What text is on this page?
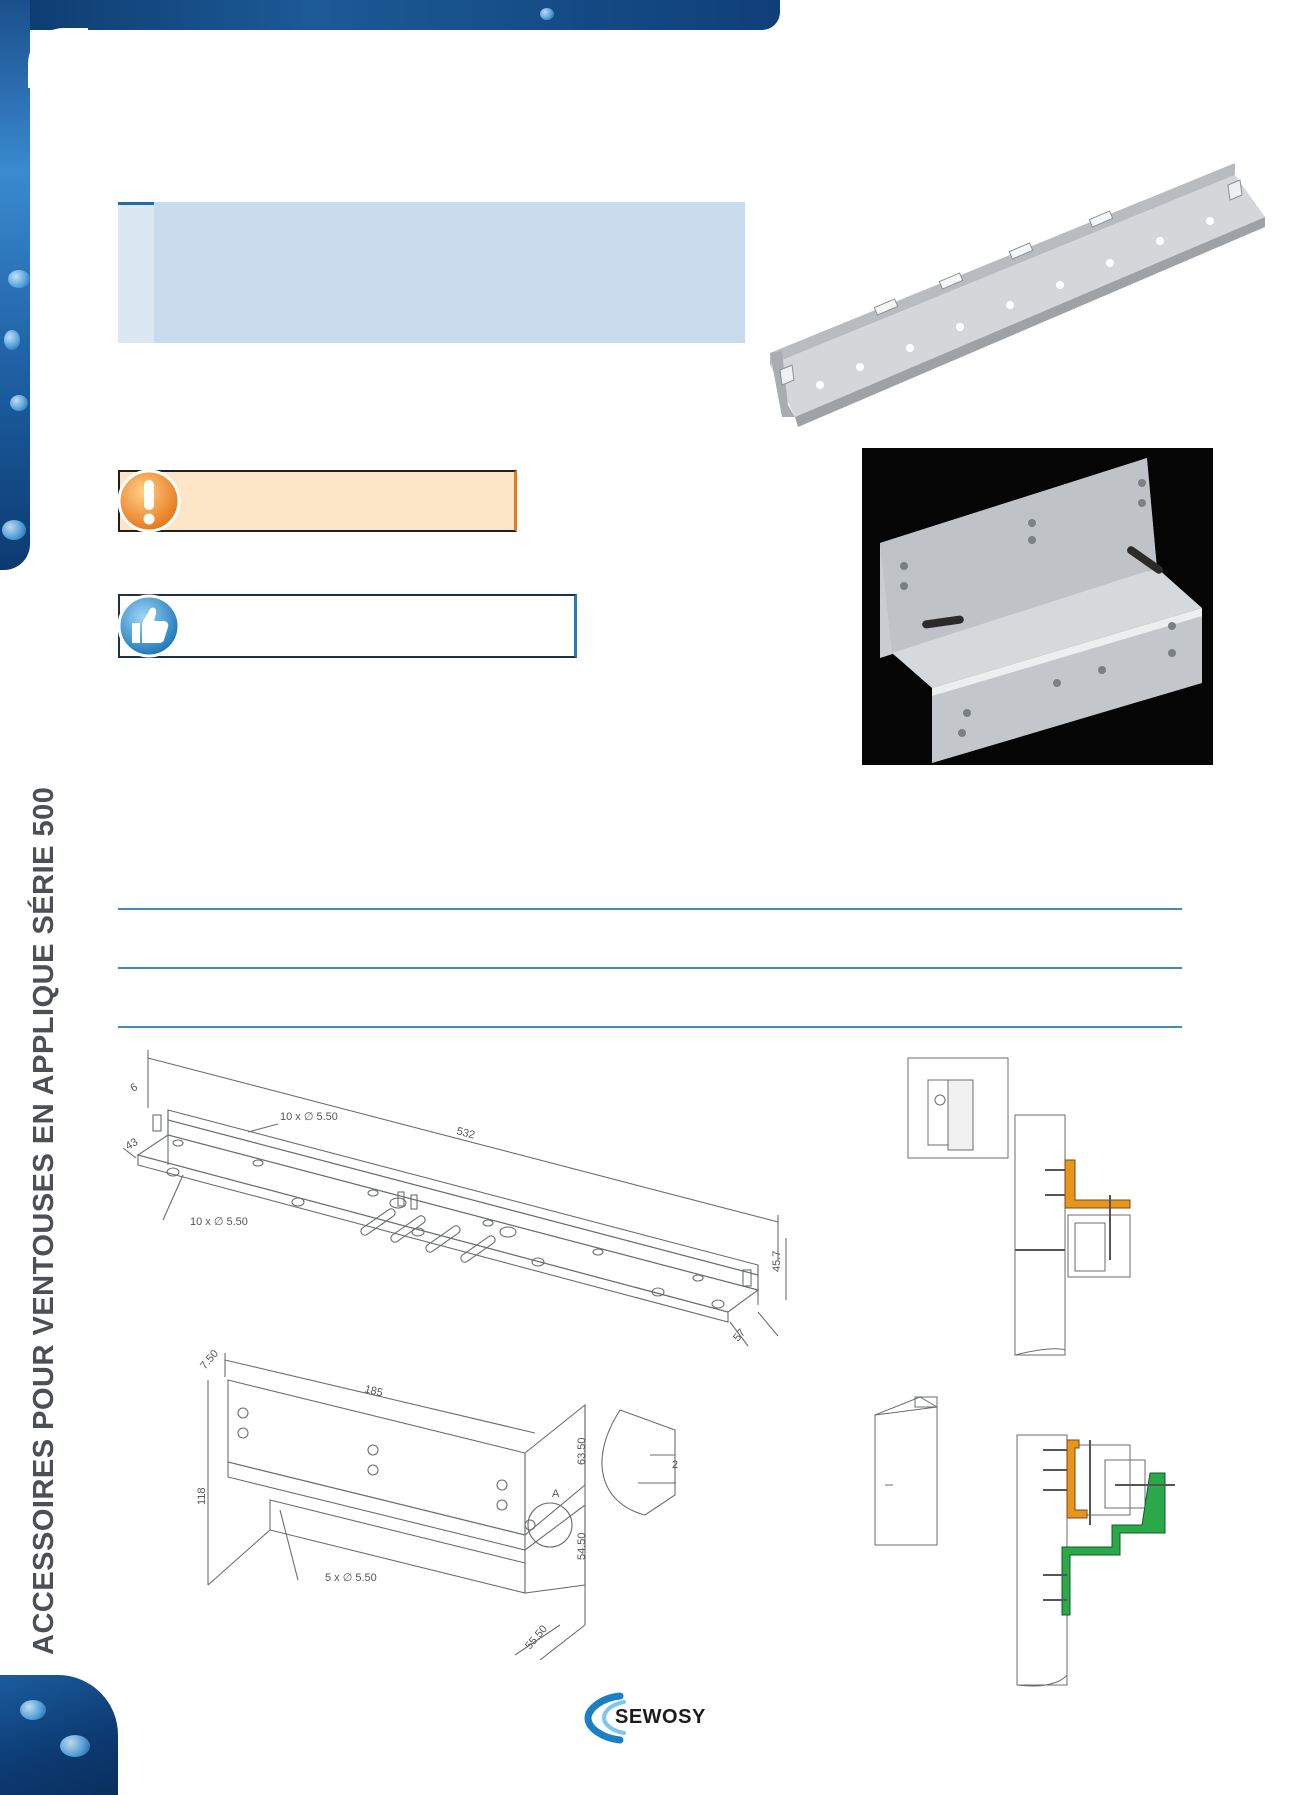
ACCESSOIRES POUR VENTOUSES EN APPLIQUE SÉRIE 500	6
43
10 x ∅ 5.50
10 x ∅ 5.50
532
45.7
57
7.50
185
118
63.50
54.50
55.50
5 x ∅ 5.50
A
2
SEWOSY
